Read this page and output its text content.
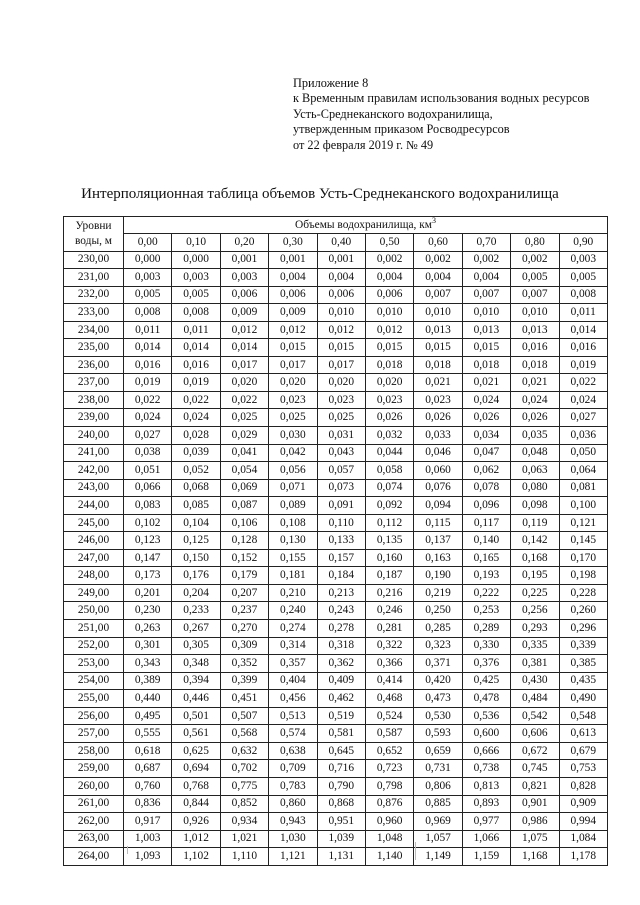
Приложение 8
к Временным правилам использования водных ресурсов
Усть-Среднеканского водохранилища,
утвержденным приказом Росводресурсов
от 22 февраля 2019 г. № 49
Интерполяционная таблица объемов Усть-Среднеканского водохранилища
Уровни
воды, м	Объемы водохранилища, $км^3$
	0,00	0,10	0,20	0,30	0,40	0,50	0,60	0,70	0,80	0,90
230,00	0,000	0,000	0,001	0,001	0,001	0,002	0,002	0,002	0,002	0,003
231,00	0,003	0,003	0,003	0,004	0,004	0,004	0,004	0,004	0,005	0,005
232,00	0,005	0,005	0,006	0,006	0,006	0,006	0,007	0,007	0,007	0,008
233,00	0,008	0,008	0,009	0,009	0,010	0,010	0,010	0,010	0,010	0,011
234,00	0,011	0,011	0,012	0,012	0,012	0,012	0,013	0,013	0,013	0,014
235,00	0,014	0,014	0,014	0,015	0,015	0,015	0,015	0,015	0,016	0,016
236,00	0,016	0,016	0,017	0,017	0,017	0,018	0,018	0,018	0,018	0,019
237,00	0,019	0,019	0,020	0,020	0,020	0,020	0,021	0,021	0,021	0,022
238,00	0,022	0,022	0,022	0,023	0,023	0,023	0,023	0,024	0,024	0,024
239,00	0,024	0,024	0,025	0,025	0,025	0,026	0,026	0,026	0,026	0,027
240,00	0,027	0,028	0,029	0,030	0,031	0,032	0,033	0,034	0,035	0,036
241,00	0,038	0,039	0,041	0,042	0,043	0,044	0,046	0,047	0,048	0,050
242,00	0,051	0,052	0,054	0,056	0,057	0,058	0,060	0,062	0,063	0,064
243,00	0,066	0,068	0,069	0,071	0,073	0,074	0,076	0,078	0,080	0,081
244,00	0,083	0,085	0,087	0,089	0,091	0,092	0,094	0,096	0,098	0,100
245,00	0,102	0,104	0,106	0,108	0,110	0,112	0,115	0,117	0,119	0,121
246,00	0,123	0,125	0,128	0,130	0,133	0,135	0,137	0,140	0,142	0,145
247,00	0,147	0,150	0,152	0,155	0,157	0,160	0,163	0,165	0,168	0,170
248,00	0,173	0,176	0,179	0,181	0,184	0,187	0,190	0,193	0,195	0,198
249,00	0,201	0,204	0,207	0,210	0,213	0,216	0,219	0,222	0,225	0,228
250,00	0,230	0,233	0,237	0,240	0,243	0,246	0,250	0,253	0,256	0,260
251,00	0,263	0,267	0,270	0,274	0,278	0,281	0,285	0,289	0,293	0,296
252,00	0,301	0,305	0,309	0,314	0,318	0,322	0,323	0,330	0,335	0,339
253,00	0,343	0,348	0,352	0,357	0,362	0,366	0,371	0,376	0,381	0,385
254,00	0,389	0,394	0,399	0,404	0,409	0,414	0,420	0,425	0,430	0,435
255,00	0,440	0,446	0,451	0,456	0,462	0,468	0,473	0,478	0,484	0,490
256,00	0,495	0,501	0,507	0,513	0,519	0,524	0,530	0,536	0,542	0,548
257,00	0,555	0,561	0,568	0,574	0,581	0,587	0,593	0,600	0,606	0,613
258,00	0,618	0,625	0,632	0,638	0,645	0,652	0,659	0,666	0,672	0,679
259,00	0,687	0,694	0,702	0,709	0,716	0,723	0,731	0,738	0,745	0,753
260,00	0,760	0,768	0,775	0,783	0,790	0,798	0,806	0,813	0,821	0,828
261,00	0,836	0,844	0,852	0,860	0,868	0,876	0,885	0,893	0,901	0,909
262,00	0,917	0,926	0,934	0,943	0,951	0,960	0,969	0,977	0,986	0,994
263,00	1,003	1,012	1,021	1,030	1,039	1,048	1,057	1,066	1,075	1,084
264,00	1,093	1,102	1,110	1,121	1,131	1,140	1,149	1,159	1,168	1,178
